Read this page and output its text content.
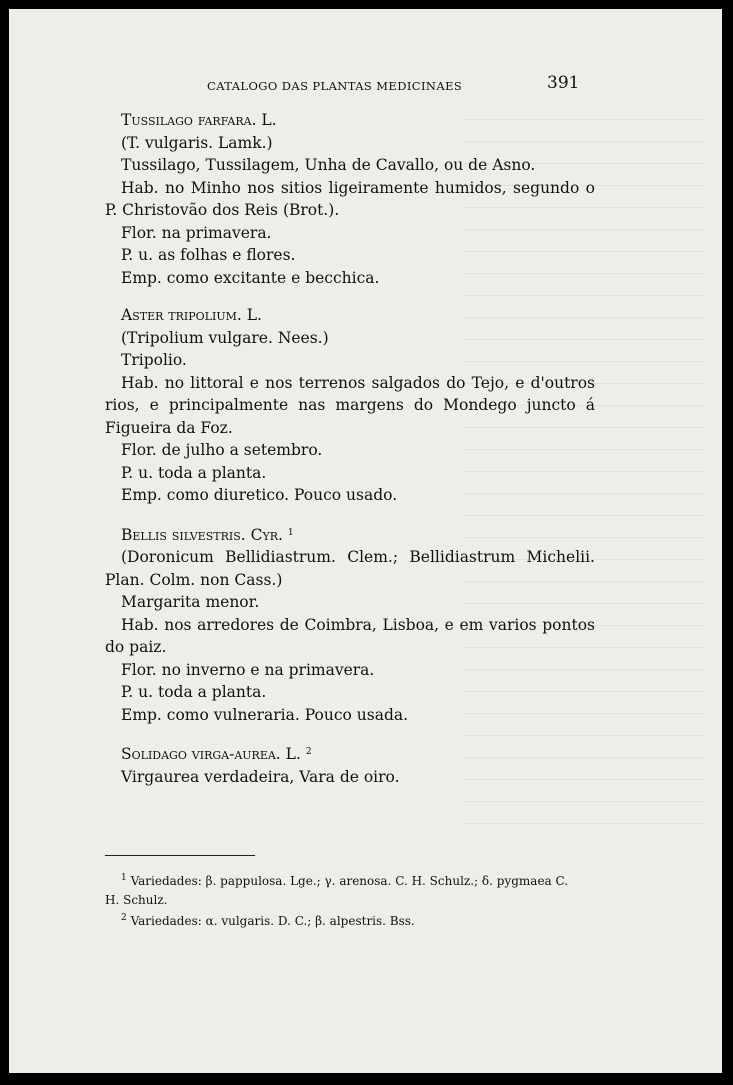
CATALOGO DAS PLANTAS MEDICINAES	391

Tussilago farfara. L.

(T. vulgaris. Lamk.)

Tussilago, Tussilagem, Unha de Cavallo, ou de Asno.

Hab. no Minho nos sitios ligeiramente humidos, segundo o P. Christovão dos Reis (Brot.).

Flor. na primavera.

P. u. as folhas e flores.

Emp. como excitante e becchica.

Aster tripolium. L.

(Tripolium vulgare. Nees.)

Tripolio.

Hab. no littoral e nos terrenos salgados do Tejo, e d'outros rios, e principalmente nas margens do Mondego juncto á Figueira da Foz.

Flor. de julho a setembro.

P. u. toda a planta.

Emp. como diuretico. Pouco usado.

Bellis silvestris. Cyr. $^1$

(Doronicum Bellidiastrum. Clem.; Bellidiastrum Michelii. Plan. Colm. non Cass.)

Margarita menor.

Hab. nos arredores de Coimbra, Lisboa, e em varios pontos do paiz.

Flor. no inverno e na primavera.

P. u. toda a planta.

Emp. como vulneraria. Pouco usada.

Solidago virga-aurea. L. $^2$

Virgaurea verdadeira, Vara de oiro.

$^1$ Variedades: β. pappulosa. Lge.; γ. arenosa. C. H. Schulz.; δ. pygmaea C. H. Schulz.

$^2$ Variedades: α. vulgaris. D. C.; β. alpestris. Bss.
